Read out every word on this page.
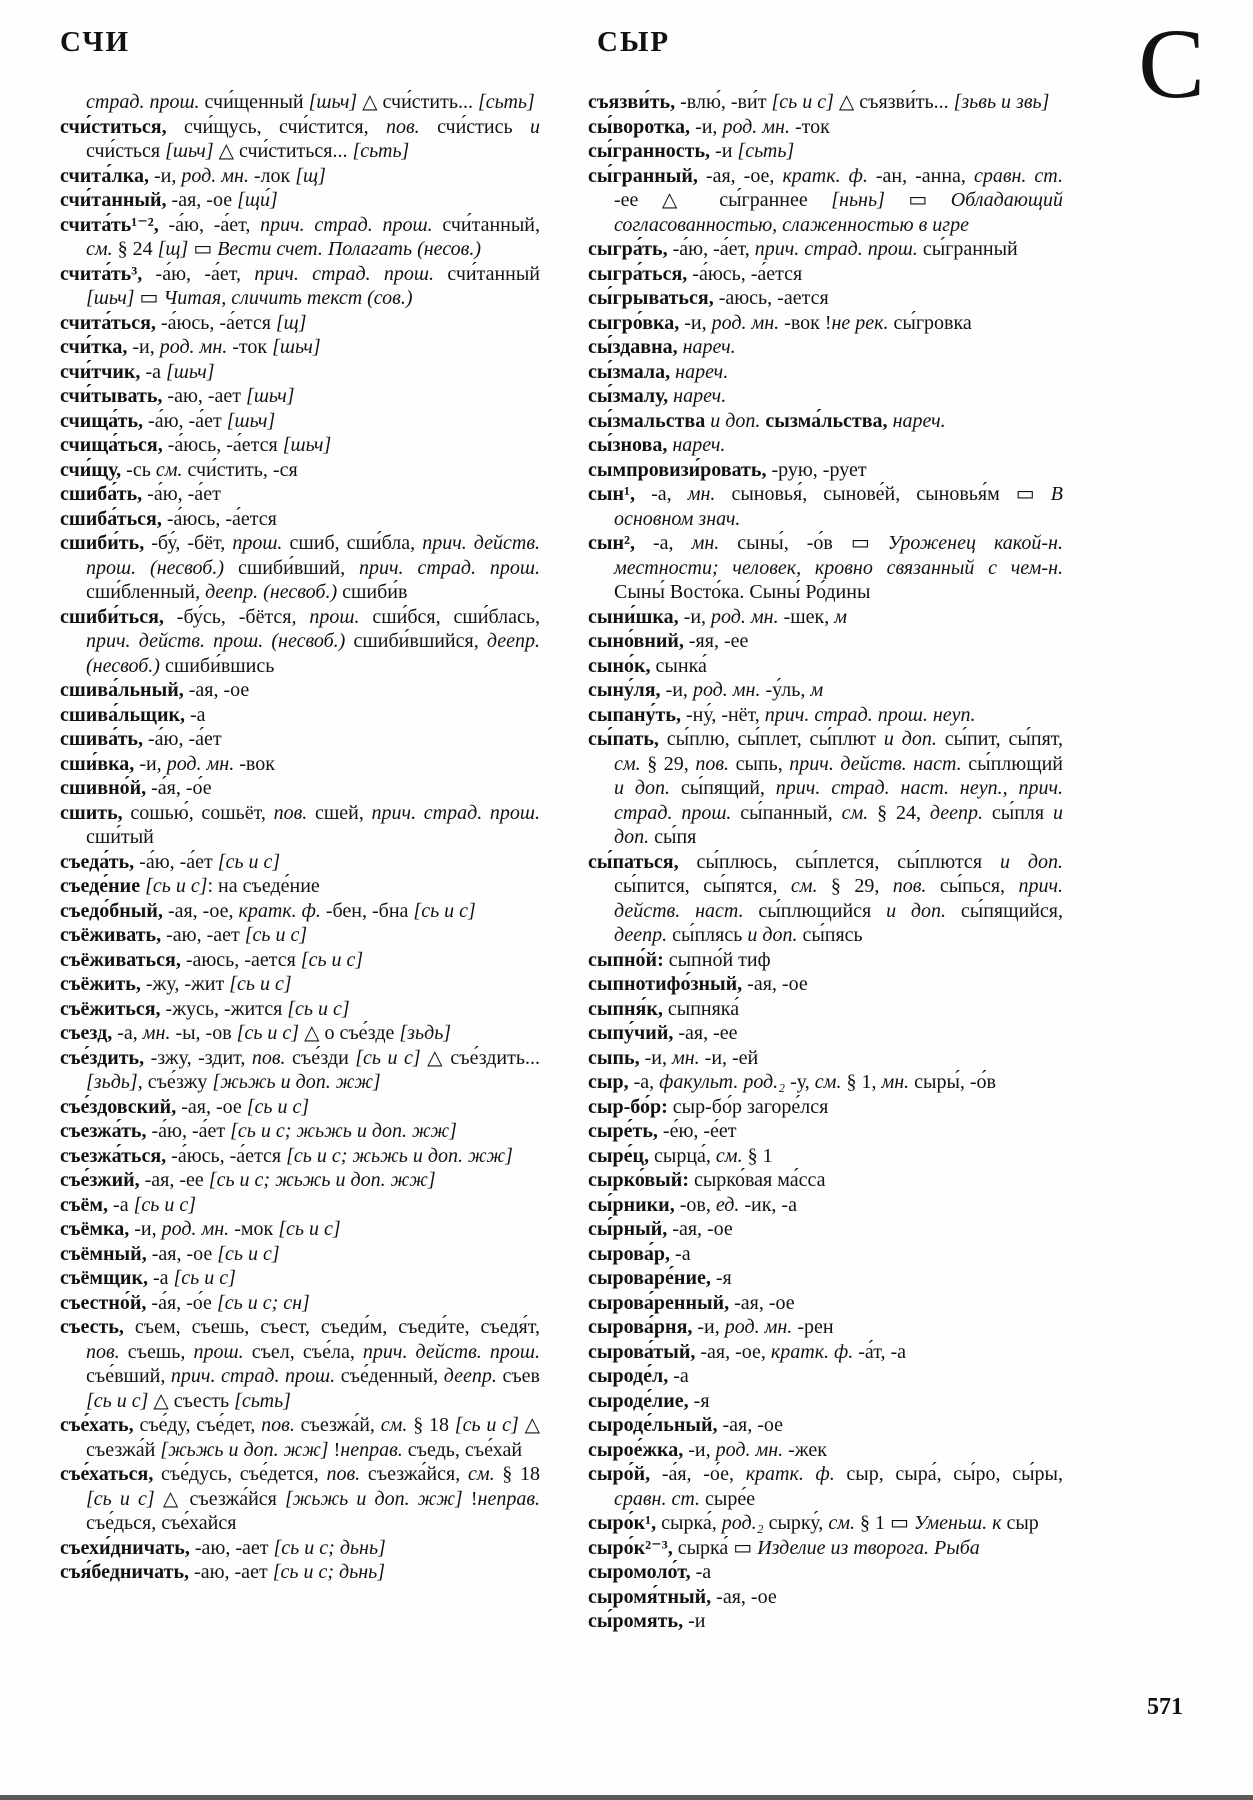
СЧИ	СЫР	С

страд. прош. счи́щенный [шьч] △ счи́стить... [сьть]

счи́ститься, счи́щусь, счи́стится, пов. счи́стись и счи́сться [шьч] △ счи́ститься... [сьть]

счита́лка, -и, род. мн. -лок [щ]

счи́танный, -ая, -ое [щи́]

счита́ть¹⁻², -а́ю, -а́ет, прич. страд. прош. счи́танный, см. § 24 [щ] ▭ Вести счет. Полагать (несов.)

счита́ть³, -а́ю, -а́ет, прич. страд. прош. счи́танный [шьч] ▭ Читая, сличить текст (сов.)

счита́ться, -а́юсь, -а́ется [щ]

счи́тка, -и, род. мн. -ток [шьч]

счи́тчик, -а [шьч]

счи́тывать, -аю, -ает [шьч]

счища́ть, -а́ю, -а́ет [шьч]

счища́ться, -а́юсь, -а́ется [шьч]

счи́щу, -сь см. счи́стить, -ся

сшиба́ть, -а́ю, -а́ет

сшиба́ться, -а́юсь, -а́ется

сшиби́ть, -бу́, -бёт, прош. сшиб, сши́бла, прич. действ. прош. (несвоб.) сшиби́вший, прич. страд. прош. сши́бленный, деепр. (несвоб.) сшиби́в

сшиби́ться, -бу́сь, -бётся, прош. сши́бся, сши́блась, прич. действ. прош. (несвоб.) сшиби́вшийся, деепр. (несвоб.) сшиби́вшись

сшива́льный, -ая, -ое

сшива́льщик, -а

сшива́ть, -а́ю, -а́ет

сши́вка, -и, род. мн. -вок

сшивно́й, -а́я, -о́е

сшить, сошью́, сошьёт, пов. сшей, прич. страд. прош. сши́тый

съеда́ть, -а́ю, -а́ет [сь и с]

съеде́ние [сь и с]: на съеде́ние

съедо́бный, -ая, -ое, кратк. ф. -бен, -бна [сь и с]

съёживать, -аю, -ает [сь и с]

съёживаться, -аюсь, -ается [сь и с]

съёжить, -жу, -жит [сь и с]

съёжиться, -жусь, -жится [сь и с]

съезд, -а, мн. -ы, -ов [сь и с] △ о съе́зде [зьдь]

съе́здить, -зжу, -здит, пов. съе́зди [сь и с] △ съе́здить... [зьдь], съе́зжу [жьжь и доп. жж]

съе́здовский, -ая, -ое [сь и с]

съезжа́ть, -а́ю, -а́ет [сь и с; жьжь и доп. жж]

съезжа́ться, -а́юсь, -а́ется [сь и с; жьжь и доп. жж]

съе́зжий, -ая, -ее [сь и с; жьжь и доп. жж]

съём, -а [сь и с]

съёмка, -и, род. мн. -мок [сь и с]

съёмный, -ая, -ое [сь и с]

съёмщик, -а [сь и с]

съестно́й, -а́я, -о́е [сь и с; сн]

съесть, съем, съешь, съест, съеди́м, съеди́те, съедя́т, пов. съешь, прош. съел, съе́ла, прич. действ. прош. съе́вший, прич. страд. прош. съе́денный, деепр. съев [сь и с] △ съесть [сьть]

съе́хать, съе́ду, съе́дет, пов. съезжа́й, см. § 18 [сь и с] △ съезжа́й [жьжь и доп. жж] !неправ. съедь, съе́хай

съе́хаться, съе́дусь, съе́дется, пов. съезжа́йся, см. § 18 [сь и с] △ съезжа́йся [жьжь и доп. жж] !неправ. съе́дься, съе́хайся

съехи́дничать, -аю, -ает [сь и с; дьнь]

съя́бедничать, -аю, -ает [сь и с; дьнь]

съязви́ть, -влю́, -ви́т [сь и с] △ съязви́ть... [зьвь и звь]

сы́воротка, -и, род. мн. -ток

сы́гранность, -и [сьть]

сы́гранный, -ая, -ое, кратк. ф. -ан, -анна, сравн. ст. -ее △ сы́граннее [ньнь] ▭ Обладающий согласованностью, слаженностью в игре

сыгра́ть, -а́ю, -а́ет, прич. страд. прош. сы́гранный

сыгра́ться, -а́юсь, -а́ется

сы́грываться, -аюсь, -ается

сыгро́вка, -и, род. мн. -вок !не рек. сы́гровка

сы́здавна, нареч.

сы́змала, нареч.

сы́змалу, нареч.

сы́змальства и доп. сызма́льства, нареч.

сы́знова, нареч.

сымпровизи́ровать, -рую, -рует

сын¹, -а, мн. сыновья́, сынове́й, сыновья́м ▭ В основном знач.

сын², -а, мн. сыны́, -о́в ▭ Уроженец какой-н. местности; человек, кровно связанный с чем-н. Сыны́ Восто́ка. Сыны́ Ро́дины

сыни́шка, -и, род. мн. -шек, м

сыно́вний, -яя, -ее

сыно́к, сынка́

сыну́ля, -и, род. мн. -у́ль, м

сыпану́ть, -ну́, -нёт, прич. страд. прош. неуп.

сы́пать, сы́плю, сы́плет, сы́плют и доп. сы́пит, сы́пят, см. § 29, пов. сыпь, прич. действ. наст. сы́плющий и доп. сы́пящий, прич. страд. наст. неуп., прич. страд. прош. сы́панный, см. § 24, деепр. сы́пля и доп. сы́пя

сы́паться, сы́плюсь, сы́плется, сы́плются и доп. сы́пится, сы́пятся, см. § 29, пов. сы́пься, прич. действ. наст. сы́плющийся и доп. сы́пящийся, деепр. сы́плясь и доп. сы́пясь

сыпно́й: сыпно́й тиф

сыпнотифо́зный, -ая, -ое

сыпня́к, сыпняка́

сыпу́чий, -ая, -ее

сыпь, -и, мн. -и, -ей

сыр, -а, факульт. род.₂ -у, см. § 1, мн. сыры́, -о́в

сыр-бо́р: сыр-бо́р загоре́лся

сыре́ть, -е́ю, -е́ет

сыре́ц, сырца́, см. § 1

сырко́вый: сырко́вая ма́сса

сы́рники, -ов, ед. -ик, -а

сы́рный, -ая, -ое

сырова́р, -а

сыроваре́ние, -я

сырова́ренный, -ая, -ое

сырова́рня, -и, род. мн. -рен

сырова́тый, -ая, -ое, кратк. ф. -а́т, -а

сыроде́л, -а

сыроде́лие, -я

сыроде́льный, -ая, -ое

сырое́жка, -и, род. мн. -жек

сыро́й, -а́я, -о́е, кратк. ф. сыр, сыра́, сы́ро, сы́ры, сравн. ст. сыре́е

сыро́к¹, сырка́, род.₂ сырку́, см. § 1 ▭ Уменьш. к сыр

сыро́к²⁻³, сырка́ ▭ Изделие из творога. Рыба

сыромоло́т, -а

сыромя́тный, -ая, -ое

сы́ромять, -и

571
